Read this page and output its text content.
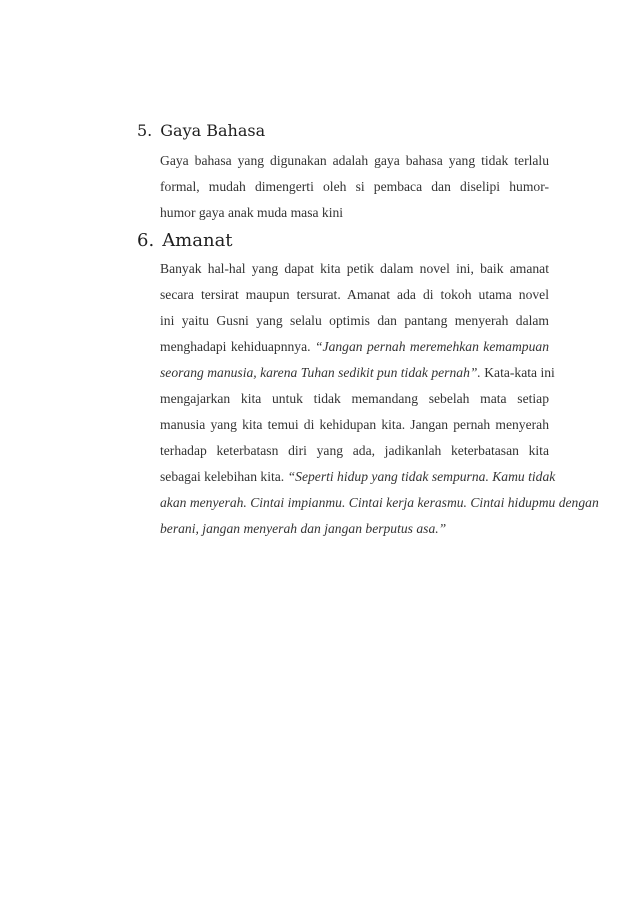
5. Gaya Bahasa

Gaya bahasa yang digunakan adalah gaya bahasa yang tidak terlalu
formal, mudah dimengerti oleh si pembaca dan diselipi humor-
humor gaya anak muda masa kini

6. Amanat

Banyak hal-hal yang dapat kita petik dalam novel ini, baik amanat
secara tersirat maupun tersurat. Amanat ada di tokoh utama novel
ini yaitu Gusni yang selalu optimis dan pantang menyerah dalam
menghadapi kehiduapnnya. “Jangan pernah meremehkan kemampuan
seorang manusia, karena Tuhan sedikit pun tidak pernah”. Kata-kata ini
mengajarkan kita untuk tidak memandang sebelah mata setiap
manusia yang kita temui di kehidupan kita. Jangan pernah menyerah
terhadap keterbatasn diri yang ada, jadikanlah keterbatasan kita
sebagai kelebihan kita. “Seperti hidup yang tidak sempurna. Kamu tidak
akan menyerah. Cintai impianmu. Cintai kerja kerasmu. Cintai hidupmu dengan
berani, jangan menyerah dan jangan berputus asa.”
